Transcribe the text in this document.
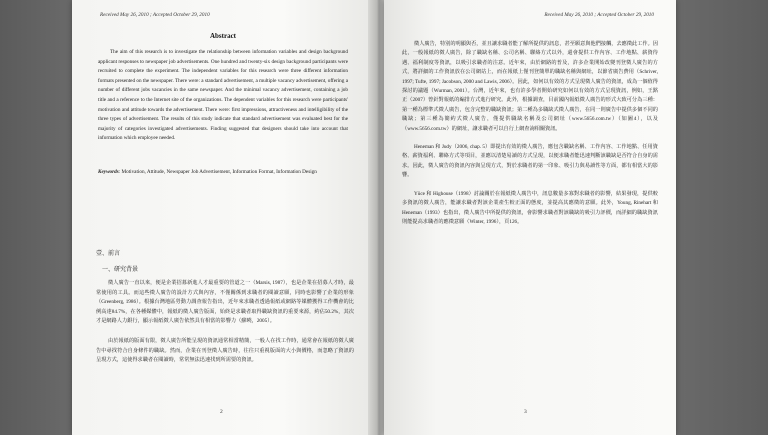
Received May 26, 2010 ; Accepted October 29, 2010
Abstract

The aim of this research is to investigate the relationship between information variables and design background applicant responses to newspaper job advertisements. One hundred and twenty-six design background participants were recruited to complete the experiment. The independent variables for this research were three different information formats presented on the newspaper. There were: a standard advertisement, a multiple vacancy advertisement, offering a number of different jobs vacancies in the same newspaper. And the minimal vacancy advertisement, containing a job title and a reference to the Internet site of the organizations. The dependent variables for this research were participants' motivation and attitude towards the advertisement. There were: first impressions, attractiveness and intelligibility of the three types of advertisement. The results of this study indicate that standard advertisement was evaluated best for the majority of categories investigated advertisements. Finding suggested that designers should take into account that information which employee needed.

Keywords: Motivation, Attitude, Newspaper Job Advertisement, Information Format, Information Design

壹、前言
一、研究背景

徵人廣告一直以來，便是企業招募新進人才最重要的管道之一（Marsis, 1987），也是企業在招募人才時，最常使用的工具。而這些徵人廣告的設計方式與內容，不僅關係到求職者的閱讀意願，同時也影響了企業的形象（Greenberg, 1986）。根據台灣地區勞動力調查報告指出，近年來求職者透過報紙或網路等媒體獲得工作機會的比例高達84.7%，在各種媒體中，報紙的徵人廣告版面，始終是求職者取得職缺資訊的重要來源，約佔50.2%，其次才是網路人力銀行，顯示報紙徵人廣告依然具有相當的影響力（蘇曉，2005）。

由於報紙的版面有限，徵人廣告所能呈現的資訊通常相當精簡，一般人在找工作時，通常會在報紙的徵人廣告中尋找符合自身條件的職缺。然而，企業在刊登徵人廣告時，往往只重視版面的大小與價格，而忽略了資訊的呈現方式，這使得求職者在閱讀時，常常無法迅速找到所需要的資訊。

2
Received May 26, 2010 ; Accepted October 29, 2010

徵人廣告，特別的明顯與否，並且讓求職者能了解所提供的訊息，甚至願意與他們接觸，去應徵此工作。因此，一般報紙的徵人廣告，除了職缺名稱、公司名稱、聯絡方式以外，還會提供工作內容、工作地點、薪資待遇、福利制度等資訊，以吸引求職者的注意。近年來，由於網路的普及，許多企業開始改變刊登徵人廣告的方式，將詳細的工作資訊放在公司網站上，而在報紙上僅刊登簡單的職缺名稱與網址，以節省廣告費用（Schriver, 1997; Tufte, 1997; Jacobson, 2000 and Lawis, 2006）。因此，如何以有效的方式呈現徵人廣告的資訊，成為一個值得探討的議題（Wurman, 2001）。台灣，近年來，也有許多學者開始研究如何以有效的方式呈現資訊，例如，王銘正（2007）曾針對報紙的編排方式進行研究。此外，根據調查，目前國內報紙徵人廣告的形式大致可分為三種：第一種為標準式徵人廣告，包含完整的職缺資訊；第二種為多職缺式徵人廣告，在同一則廣告中提供多個不同的職缺；第三種為簡約式徵人廣告，僅提供職缺名稱及公司網址（www.5656.com.tw）（如圖4），以及（www.5656.com.tw）的網址，讓求職者可以自行上網查詢相關資訊。

Heneman 和 Judy（2006, chap. 5）即提出有效的徵人廣告，應包含職缺名稱、工作內容、工作地點、任用資格、薪資福利、聯絡方式等項目，並應以清楚易讀的方式呈現，以便求職者能迅速判斷該職缺是否符合自身的需求。因此，徵人廣告的資訊內容與呈現方式，對於求職者的第一印象、吸引力與易讀性等方面，都有相當大的影響。

Yüce 和 Highouse（1998）討論關於在報紙徵人廣告中，訊息數量多寡對求職者的影響，結果發現，提供較多資訊的徵人廣告，能讓求職者對該企業產生較正面的態度，並提高其應徵的意願。此外，Young, Rinehart 和 Heneman（1993）也指出，徵人廣告中所提供的資訊，會影響求職者對該職缺的吸引力評價，而詳細的職缺資訊則能提高求職者的應徵意願（Winter, 1996），頁126。

3
